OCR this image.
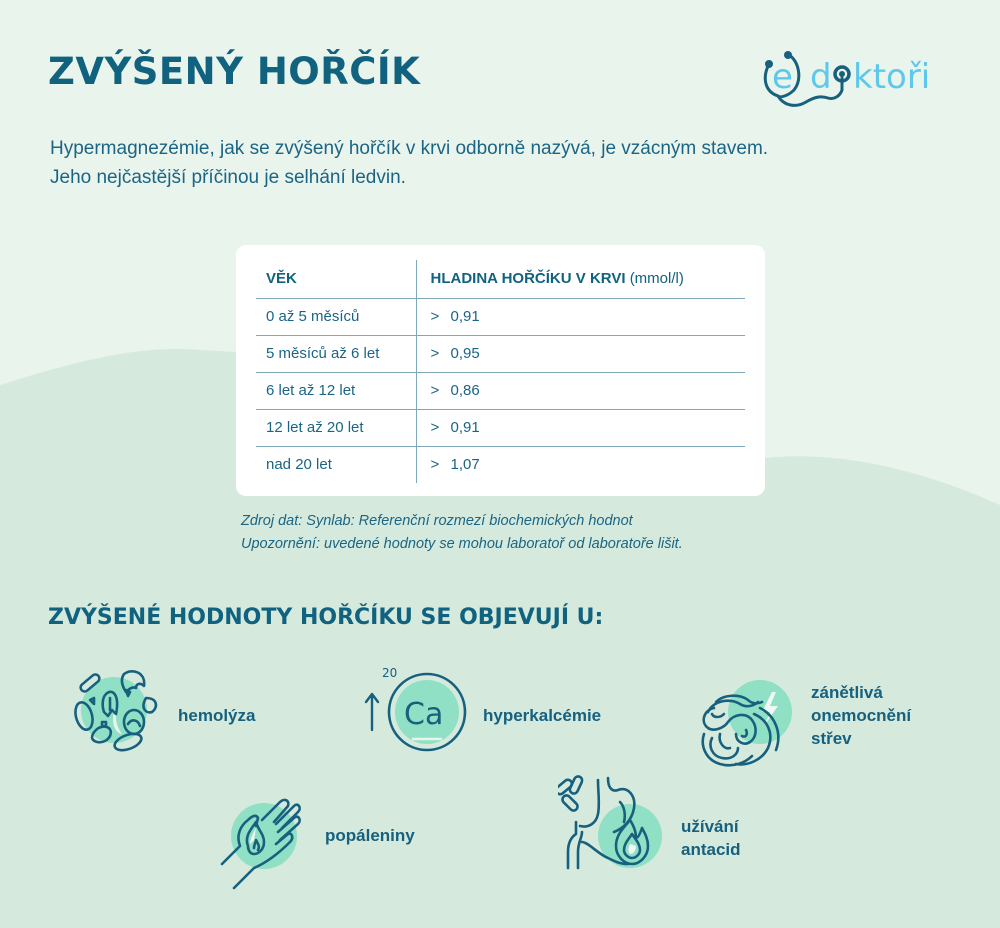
ZVÝŠENÝ HOŘČÍK	e d ktoři

Hypermagnezémie, jak se zvýšený hořčík v krvi odborně nazývá, je vzácným stavem.

Jeho nejčastější příčinou je selhání ledvin.

VĚK	HLADINA HOŘČÍKU V KRVI (mmol/l)
0 až 5 měsíců	> 0,91
5 měsíců až 6 let	> 0,95
6 let až 12 let	> 0,86
12 let až 20 let	> 0,91
nad 20 let	> 1,07
Zdroj dat: Synlab: Referenční rozmezí biochemických hodnot
Upozornění: uvedené hodnoty se mohou laboratoř od laboratoře lišit.
ZVÝŠENÉ HODNOTY HOŘČÍKU SE OBJEVUJÍ U:
hemolýza
20
Ca hyperkalcémie
zánětlivá
onemocnění
střev
popáleniny	užívání
antacid
